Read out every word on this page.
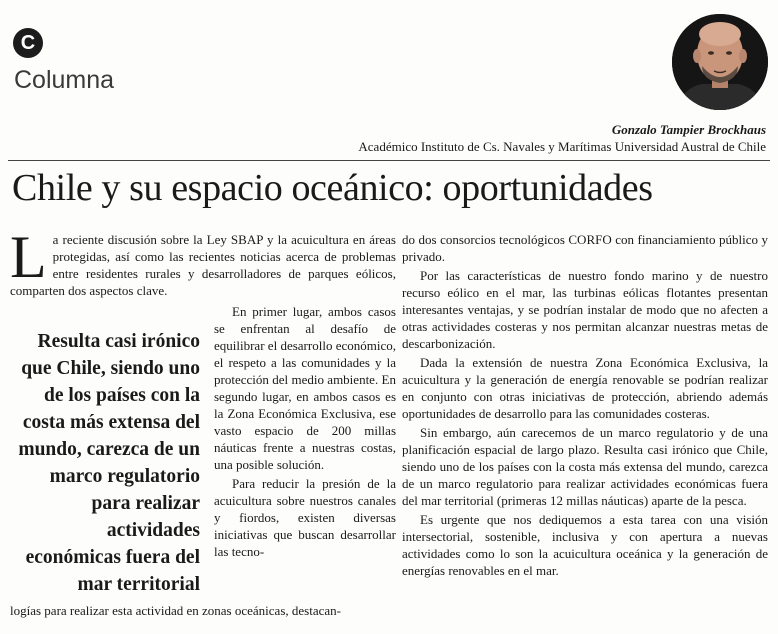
C
Columna
Gonzalo Tampier Brockhaus
Académico Instituto de Cs. Navales y Marítimas Universidad Austral de Chile
Chile y su espacio oceánico: oportunidades

La reciente discusión sobre la Ley SBAP y la acuicultura en áreas protegidas, así como las recientes noticias acerca de problemas entre residentes rurales y desarrolladores de parques eólicos, comparten dos aspectos clave.

Resulta casi irónico que Chile, siendo uno de los países con la costa más extensa del mundo, carezca de un marco regulatorio para realizar actividades económicas fuera del mar territorial

En primer lugar, ambos casos se enfrentan al desafío de equilibrar el desarrollo económico, el respeto a las comunidades y la protección del medio ambiente. En segundo lugar, en ambos casos es la Zona Económica Exclusiva, ese vasto espacio de 200 millas náuticas frente a nuestras costas, una posible solución.

Para reducir la presión de la acuicultura sobre nuestros canales y fiordos, existen diversas iniciativas que buscan desarrollar las tecno-

logías para realizar esta actividad en zonas oceánicas, destacan-

do dos consorcios tecnológicos CORFO con financiamiento público y privado.

Por las características de nuestro fondo marino y de nuestro recurso eólico en el mar, las turbinas eólicas flotantes presentan interesantes ventajas, y se podrían instalar de modo que no afecten a otras actividades costeras y nos permitan alcanzar nuestras metas de descarbonización.

Dada la extensión de nuestra Zona Económica Exclusiva, la acuicultura y la generación de energía renovable se podrían realizar en conjunto con otras iniciativas de protección, abriendo además oportunidades de desarrollo para las comunidades costeras.

Sin embargo, aún carecemos de un marco regulatorio y de una planificación espacial de largo plazo. Resulta casi irónico que Chile, siendo uno de los países con la costa más extensa del mundo, carezca de un marco regulatorio para realizar actividades económicas fuera del mar territorial (primeras 12 millas náuticas) aparte de la pesca.

Es urgente que nos dediquemos a esta tarea con una visión intersectorial, sostenible, inclusiva y con apertura a nuevas actividades como lo son la acuicultura oceánica y la generación de energías renovables en el mar.
